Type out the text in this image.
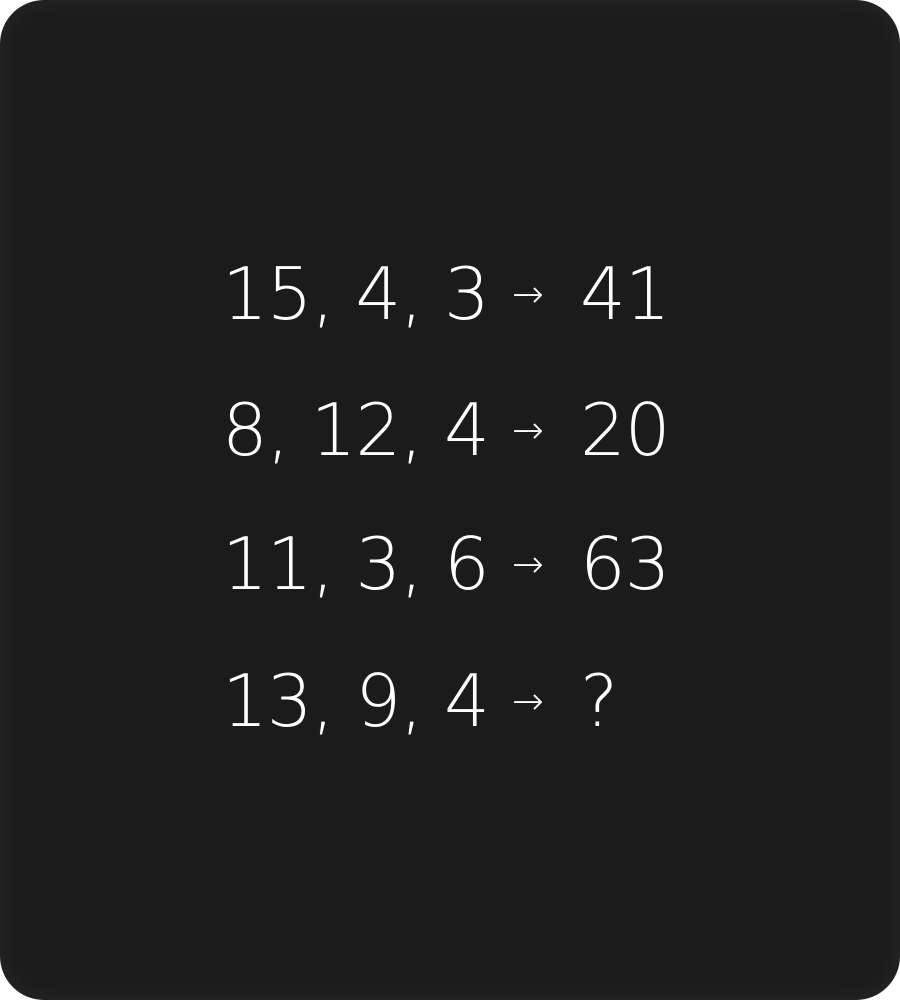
15, 4, 3 → 41
8, 12, 4 → 20
11, 3, 6 → 63
13, 9, 4 → ?
